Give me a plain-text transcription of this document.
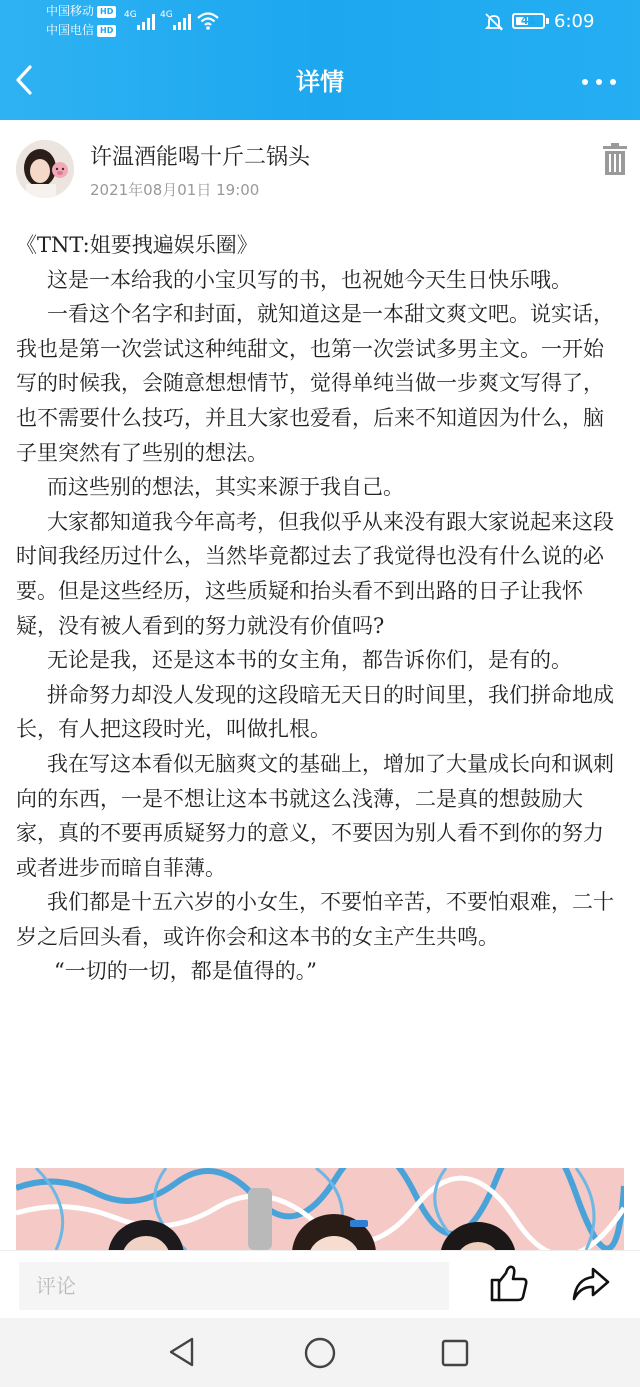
中国移动 HD
中国电信 HD
4G	4G	41 6:09
详情
许温酒能喝十斤二锅头
2021年08月01日 19:00

《TNT:姐要拽遍娱乐圈》

这是一本给我的小宝贝写的书，也祝她今天生日快乐哦。

一看这个名字和封面，就知道这是一本甜文爽文吧。说实话，我也是第一次尝试这种纯甜文，也第一次尝试多男主文。一开始写的时候我，会随意想想情节，觉得单纯当做一步爽文写得了，也不需要什么技巧，并且大家也爱看，后来不知道因为什么，脑子里突然有了些别的想法。

而这些别的想法，其实来源于我自己。

大家都知道我今年高考，但我似乎从来没有跟大家说起来这段时间我经历过什么，当然毕竟都过去了我觉得也没有什么说的必要。但是这些经历，这些质疑和抬头看不到出路的日子让我怀疑，没有被人看到的努力就没有价值吗?

无论是我，还是这本书的女主角，都告诉你们，是有的。

拼命努力却没人发现的这段暗无天日的时间里，我们拼命地成长，有人把这段时光，叫做扎根。

我在写这本看似无脑爽文的基础上，增加了大量成长向和讽刺向的东西，一是不想让这本书就这么浅薄，二是真的想鼓励大家，真的不要再质疑努力的意义，不要因为别人看不到你的努力或者进步而暗自菲薄。

我们都是十五六岁的小女生，不要怕辛苦，不要怕艰难，二十岁之后回头看，或许你会和这本书的女主产生共鸣。

“一切的一切，都是值得的。”

评论
